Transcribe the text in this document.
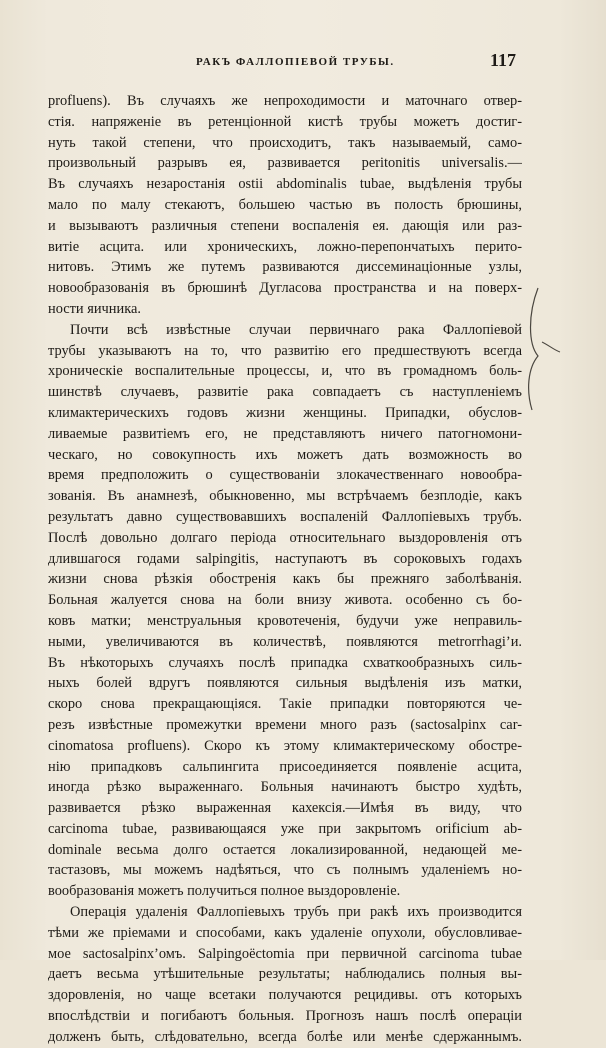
РАКЪ ФАЛЛОПІЕВОЙ ТРУБЫ.	117
profluens). Въ случаяхъ же непроходимости и маточнаго отвер-
стія. напряженіе въ ретенціонной кистѣ трубы можетъ достиг-
нуть такой степени, что происходитъ, такъ называемый, само-
произвольный разрывъ ея, развивается peritonitis universalis.—
Въ случаяхъ незаростанія ostii abdominalis tubae, выдѣленія трубы
мало по малу стекаютъ, большею частью въ полость брюшины,
и вызываютъ различныя степени воспаленія ея. дающія или раз-
витіе асцита. или хроническихъ, ложно-перепончатыхъ перито-
нитовъ. Этимъ же путемъ развиваются диссеминаціонные узлы,
новообразованія въ брюшинѣ Дугласова пространства и на поверх-
ности яичника.
Почти всѣ извѣстные случаи первичнаго рака Фаллопіевой
трубы указываютъ на то, что развитію его предшествуютъ всегда
хроническіе воспалительные процессы, и, что въ громадномъ боль-
шинствѣ случаевъ, развитіе рака совпадаетъ съ наступленіемъ
климактерическихъ годовъ жизни женщины. Припадки, обуслов-
ливаемые развитіемъ его, не представляютъ ничего патогномони-
ческаго, но совокупность ихъ можетъ дать возможность во
время предположить о существованіи злокачественнаго новообра-
зованія. Въ анамнезѣ, обыкновенно, мы встрѣчаемъ безплодіе, какъ
результатъ давно существовавшихъ воспаленій Фаллопіевыхъ трубъ.
Послѣ довольно долгаго періода относительнаго выздоровленія отъ
длившагося годами salpingitis, наступаютъ въ сороковыхъ годахъ
жизни снова рѣзкія обостренія какъ бы прежняго заболѣванія.
Больная жалуется снова на боли внизу живота. особенно съ бо-
ковъ матки; менструальныя кровотеченія, будучи уже неправиль-
ными, увеличиваются въ количествѣ, появляются metrorrhagi’и.
Въ нѣкоторыхъ случаяхъ послѣ припадка схваткообразныхъ силь-
ныхъ болей вдругъ появляются сильныя выдѣленія изъ матки,
скоро снова прекращающіяся. Такіе припадки повторяются че-
резъ извѣстные промежутки времени много разъ (sactosalpinx car-
cinomatosa profluens). Скоро къ этому климактерическому обостре-
нію припадковъ сальпингита присоединяется появленіе асцита,
иногда рѣзко выраженнаго. Больныя начинаютъ быстро худѣть,
развивается рѣзко выраженная кахексія.—Имѣя въ виду, что
carcinoma tubae, развивающаяся уже при закрытомъ orificium ab-
dominale весьма долго остается локализированной, недающей ме-
тастазовъ, мы можемъ надѣяться, что съ полнымъ удаленіемъ но-
вообразованія можетъ получиться полное выздоровленіе.
Операція удаленія Фаллопіевыхъ трубъ при ракѣ ихъ производится
тѣми же пріемами и способами, какъ удаленіе опухоли, обусловливае-
мое sactosalpinx’омъ. Salpingoëctomia при первичной carcinoma tubae
даетъ весьма утѣшительные результаты; наблюдались полныя вы-
здоровленія, но чаще всетаки получаются рецидивы. отъ которыхъ
впослѣдствіи и погибаютъ больныя. Прогнозъ нашъ послѣ операціи
долженъ быть, слѣдовательно, всегда болѣе или менѣе сдержаннымъ.
